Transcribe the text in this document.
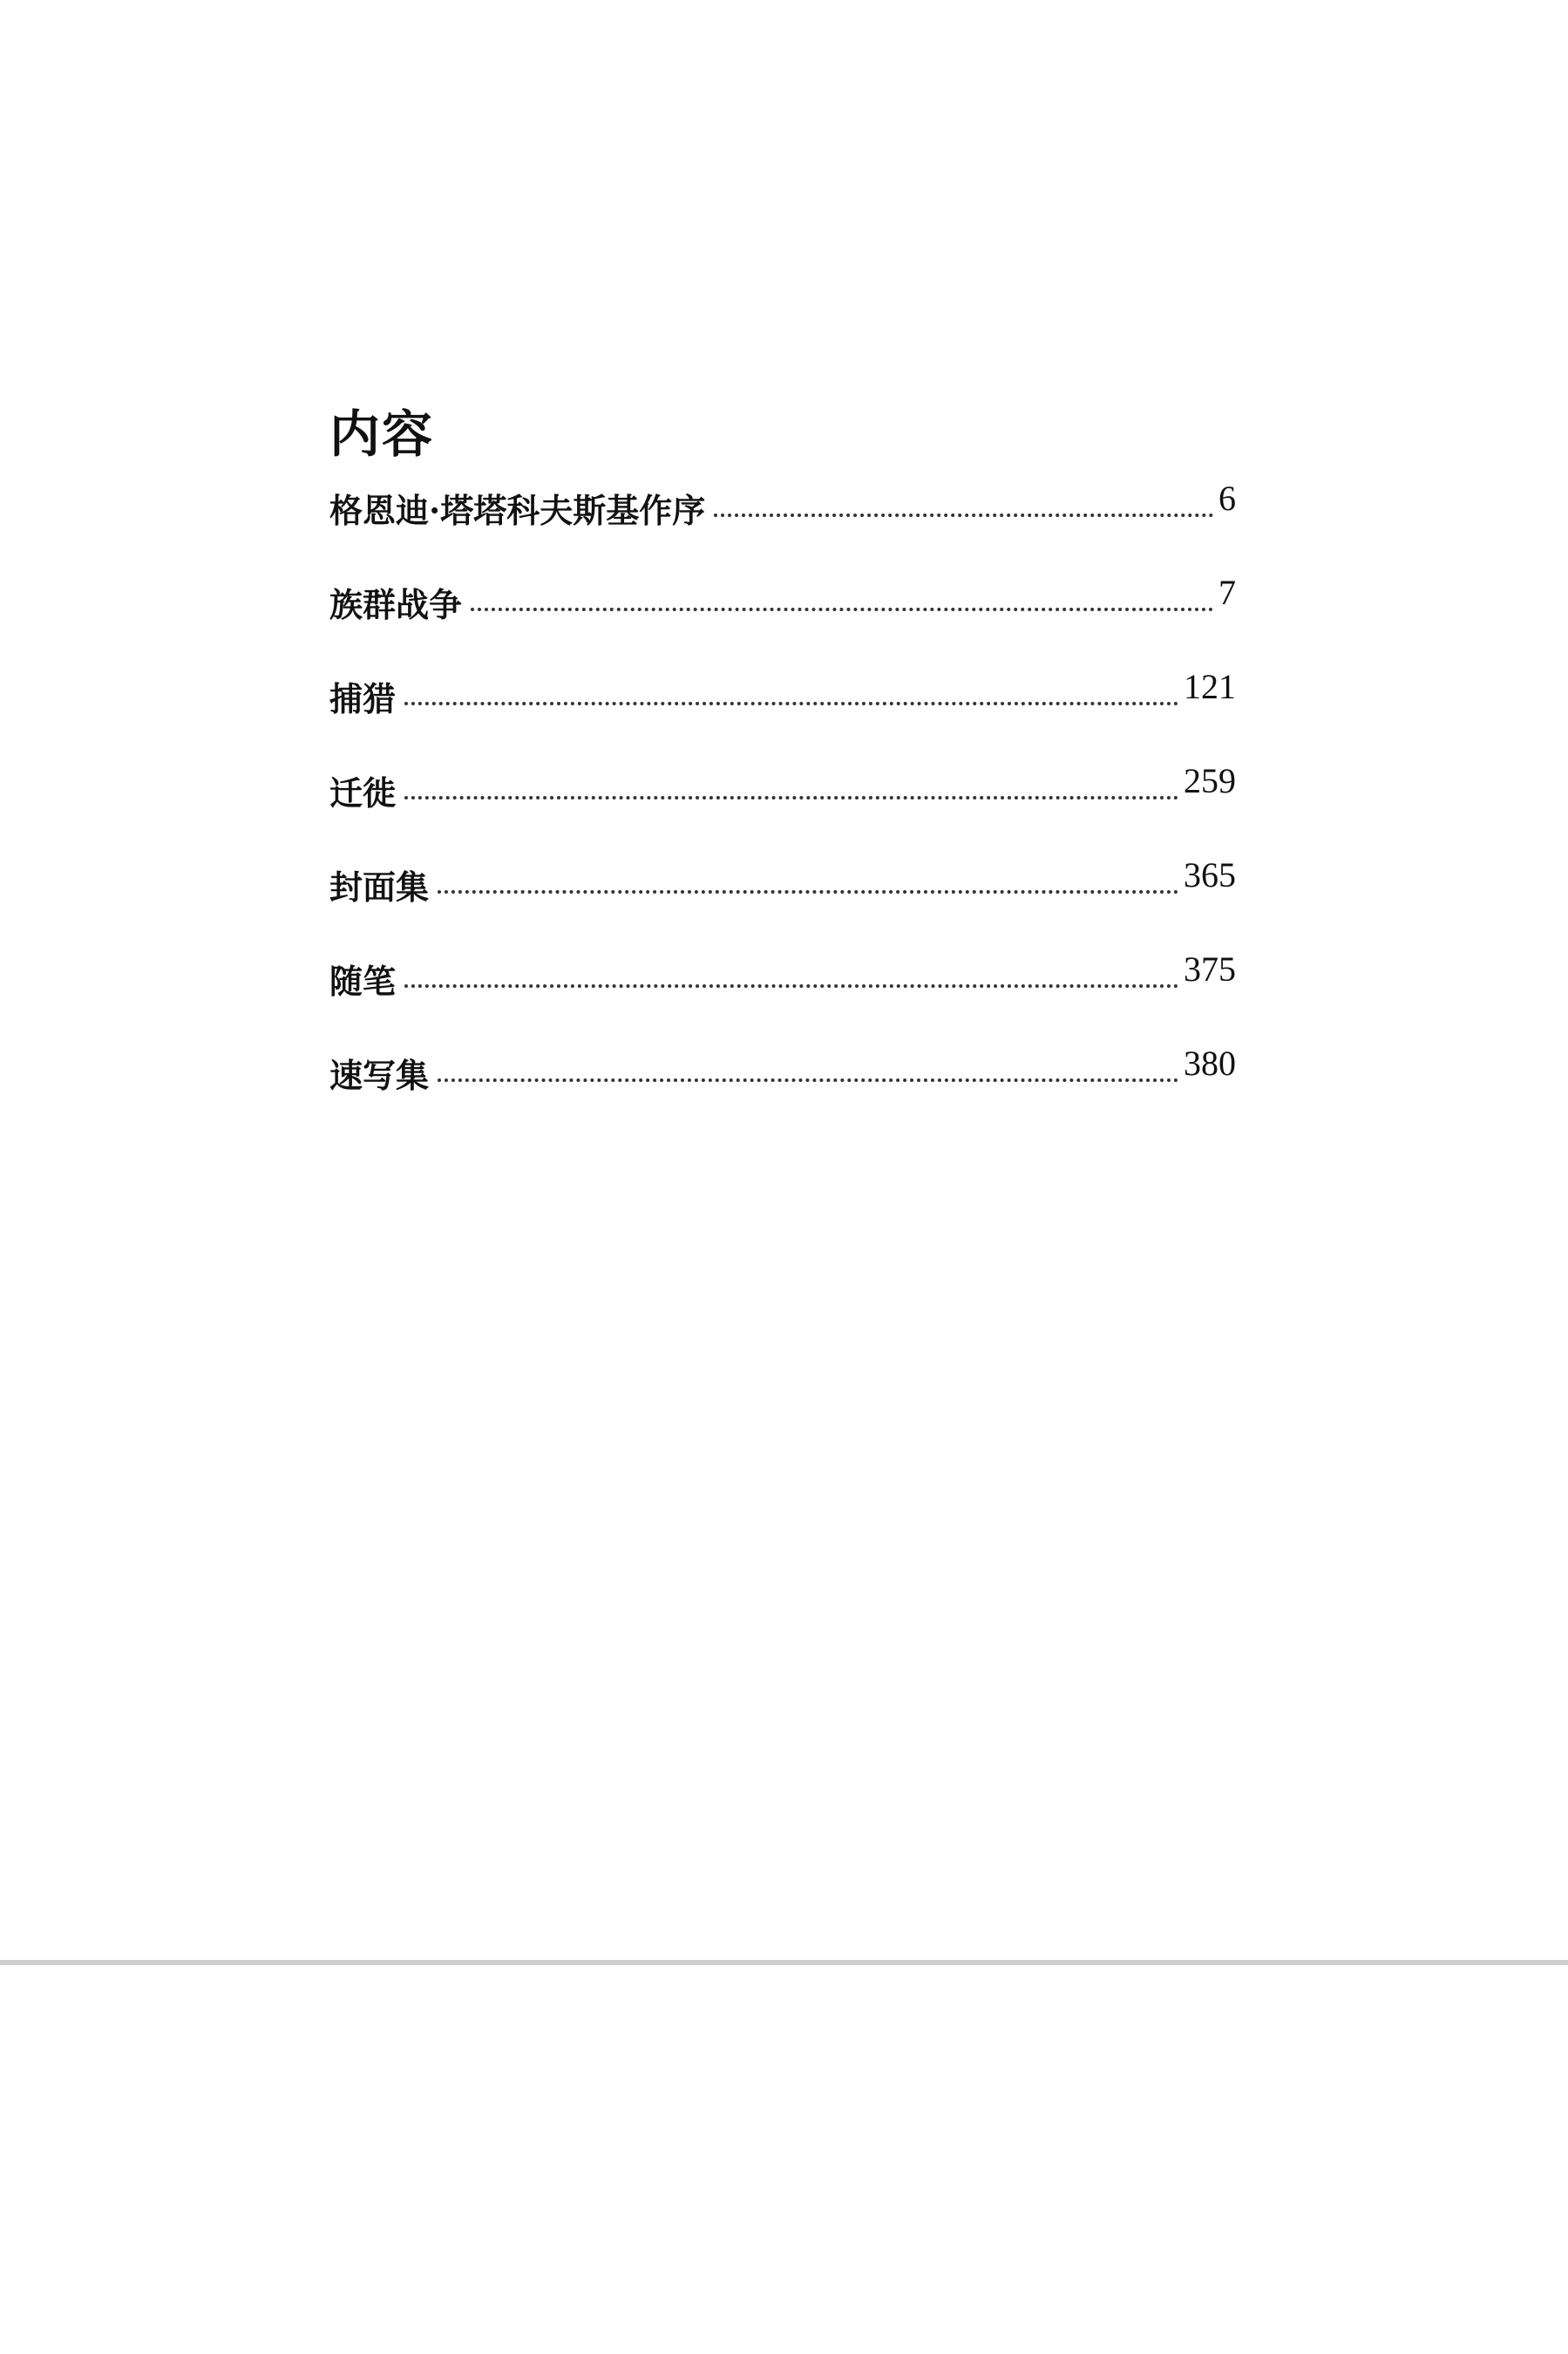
内容
格恩迪·塔塔科夫斯基作序	6
族群战争	7
捕猎	121
迁徙	259
封面集	365
随笔	375
速写集	380
